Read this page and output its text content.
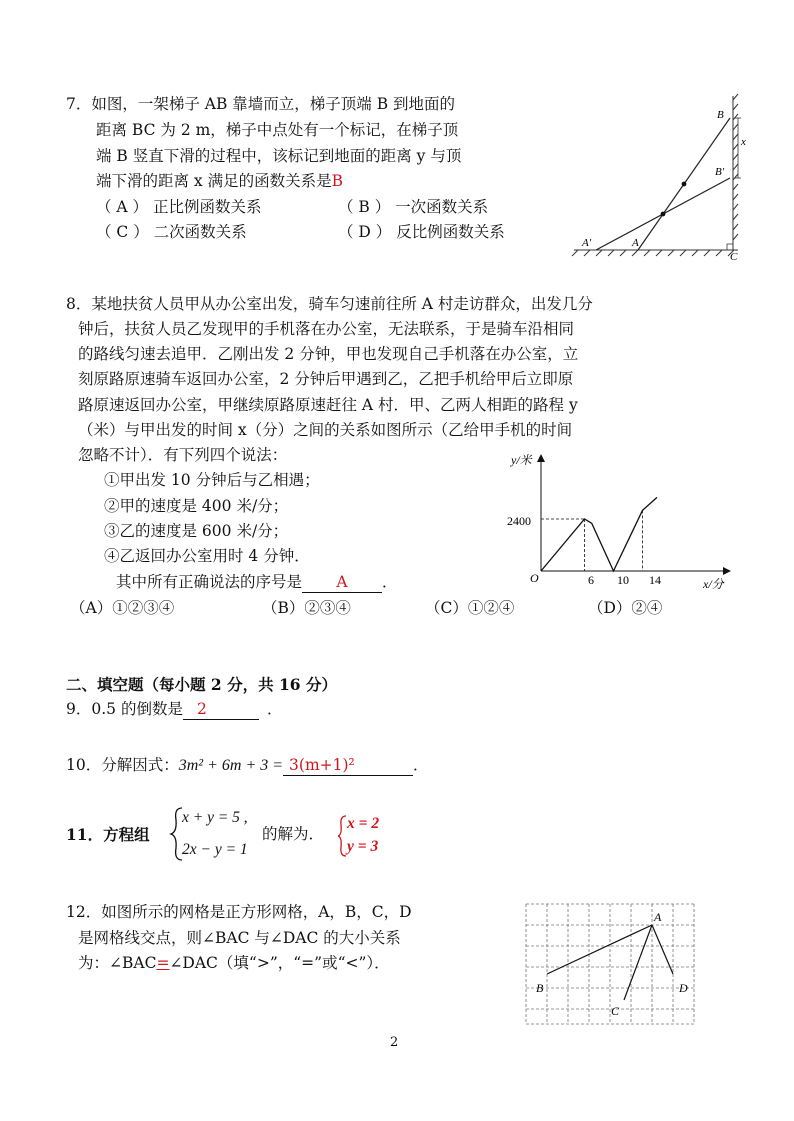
7．如图，一架梯子 AB 靠墙而立，梯子顶端 B 到地面的
距离 BC 为 2 m，梯子中点处有一个标记，在梯子顶
端 B 竖直下滑的过程中，该标记到地面的距离 y 与顶
端下滑的距离 x 满足的函数关系是B
（ A ） 正比例函数关系	（ B ） 一次函数关系
（ C ） 二次函数关系	（ D ） 反比例函数关系
B
x
B′
A′	A
C
8．某地扶贫人员甲从办公室出发，骑车匀速前往所 A 村走访群众，出发几分
钟后，扶贫人员乙发现甲的手机落在办公室，无法联系，于是骑车沿相同
的路线匀速去追甲．乙刚出发 2 分钟，甲也发现自己手机落在办公室，立
刻原路原速骑车返回办公室，2 分钟后甲遇到乙，乙把手机给甲后立即原
路原速返回办公室，甲继续原路原速赶往 A 村．甲、乙两人相距的路程 y
（米）与甲出发的时间 x（分）之间的关系如图所示（乙给甲手机的时间
忽略不计）．有下列四个说法：
①甲出发 10 分钟后与乙相遇；
②甲的速度是 400 米/分；
③乙的速度是 600 米/分；
④乙返回办公室用时 4 分钟．
其中所有正确说法的序号是 A ．
（A）①②③④	（B）②③④	（C）①②④	（D）②④
y/米
x/分
O
2400
6 10 14
二、填空题（每小题 2 分，共 16 分）
9．0.5 的倒数是 2	．
10．分解因式：3m² + 6m + 3 = 3(m+1)²	．
11．方程组
x + y = 5 ,
2x − y = 1
的解为．
x = 2
y = 3
12．如图所示的网格是正方形网格，A，B，C，D
是网格线交点，则∠BAC 与∠DAC 的大小关系
为：∠BAC=∠DAC（填“>”，“=”或“<”）．
A
B
C
D
2
